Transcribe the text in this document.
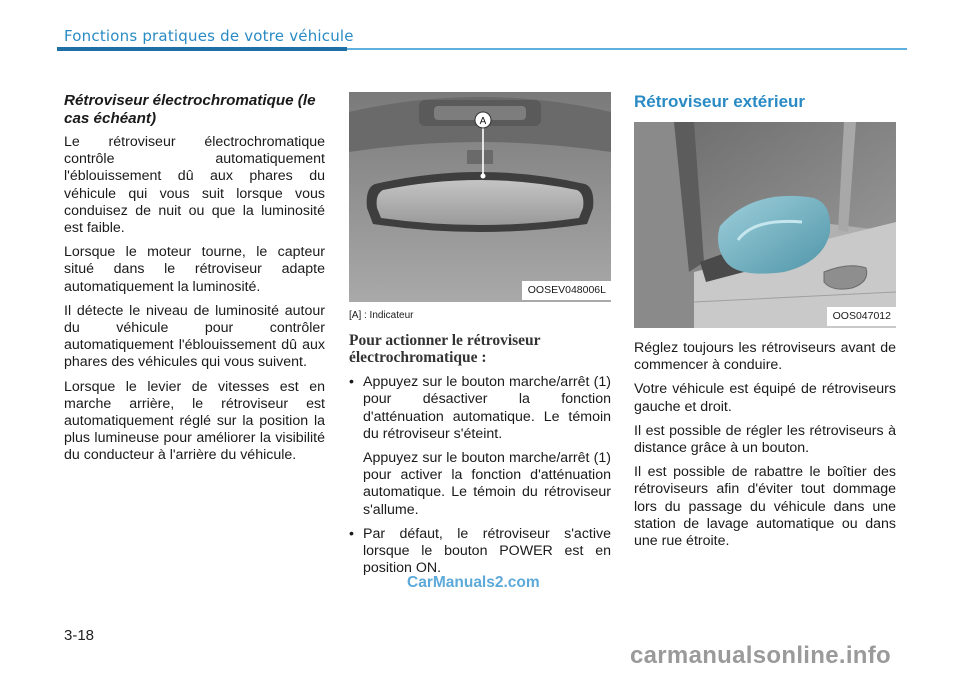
Fonctions pratiques de votre véhicule
Rétroviseur électrochromatique (le cas échéant)

Le rétroviseur électrochromatique contrôle automatiquement l'éblouissement dû aux phares du véhicule qui vous suit lorsque vous conduisez de nuit ou que la luminosité est faible.

Lorsque le moteur tourne, le capteur situé dans le rétroviseur adapte automatiquement la luminosité.

Il détecte le niveau de luminosité autour du véhicule pour contrôler automatiquement l'éblouissement dû aux phares des véhicules qui vous suivent.

Lorsque le levier de vitesses est en marche arrière, le rétroviseur est automatiquement réglé sur la position la plus lumineuse pour améliorer la visibilité du conducteur à l'arrière du véhicule.

A
OOSEV048006L
[A] : Indicateur
Pour actionner le rétroviseur électrochromatique :
• Appuyez sur le bouton marche/arrêt (1) pour désactiver la fonction d'atténuation automatique. Le témoin du rétroviseur s'éteint.

Appuyez sur le bouton marche/arrêt (1) pour activer la fonction d'atténuation automatique. Le témoin du rétroviseur s'allume.

• Par défaut, le rétroviseur s'active lorsque le bouton POWER est en position ON.

Rétroviseur extérieur
OOS047012

Réglez toujours les rétroviseurs avant de commencer à conduire.

Votre véhicule est équipé de rétroviseurs gauche et droit.

Il est possible de régler les rétroviseurs à distance grâce à un bouton.

Il est possible de rabattre le boîtier des rétroviseurs afin d'éviter tout dommage lors du passage du véhicule dans une station de lavage automatique ou dans une rue étroite.

CarManuals2.com
3-18
carmanualsonline.info
